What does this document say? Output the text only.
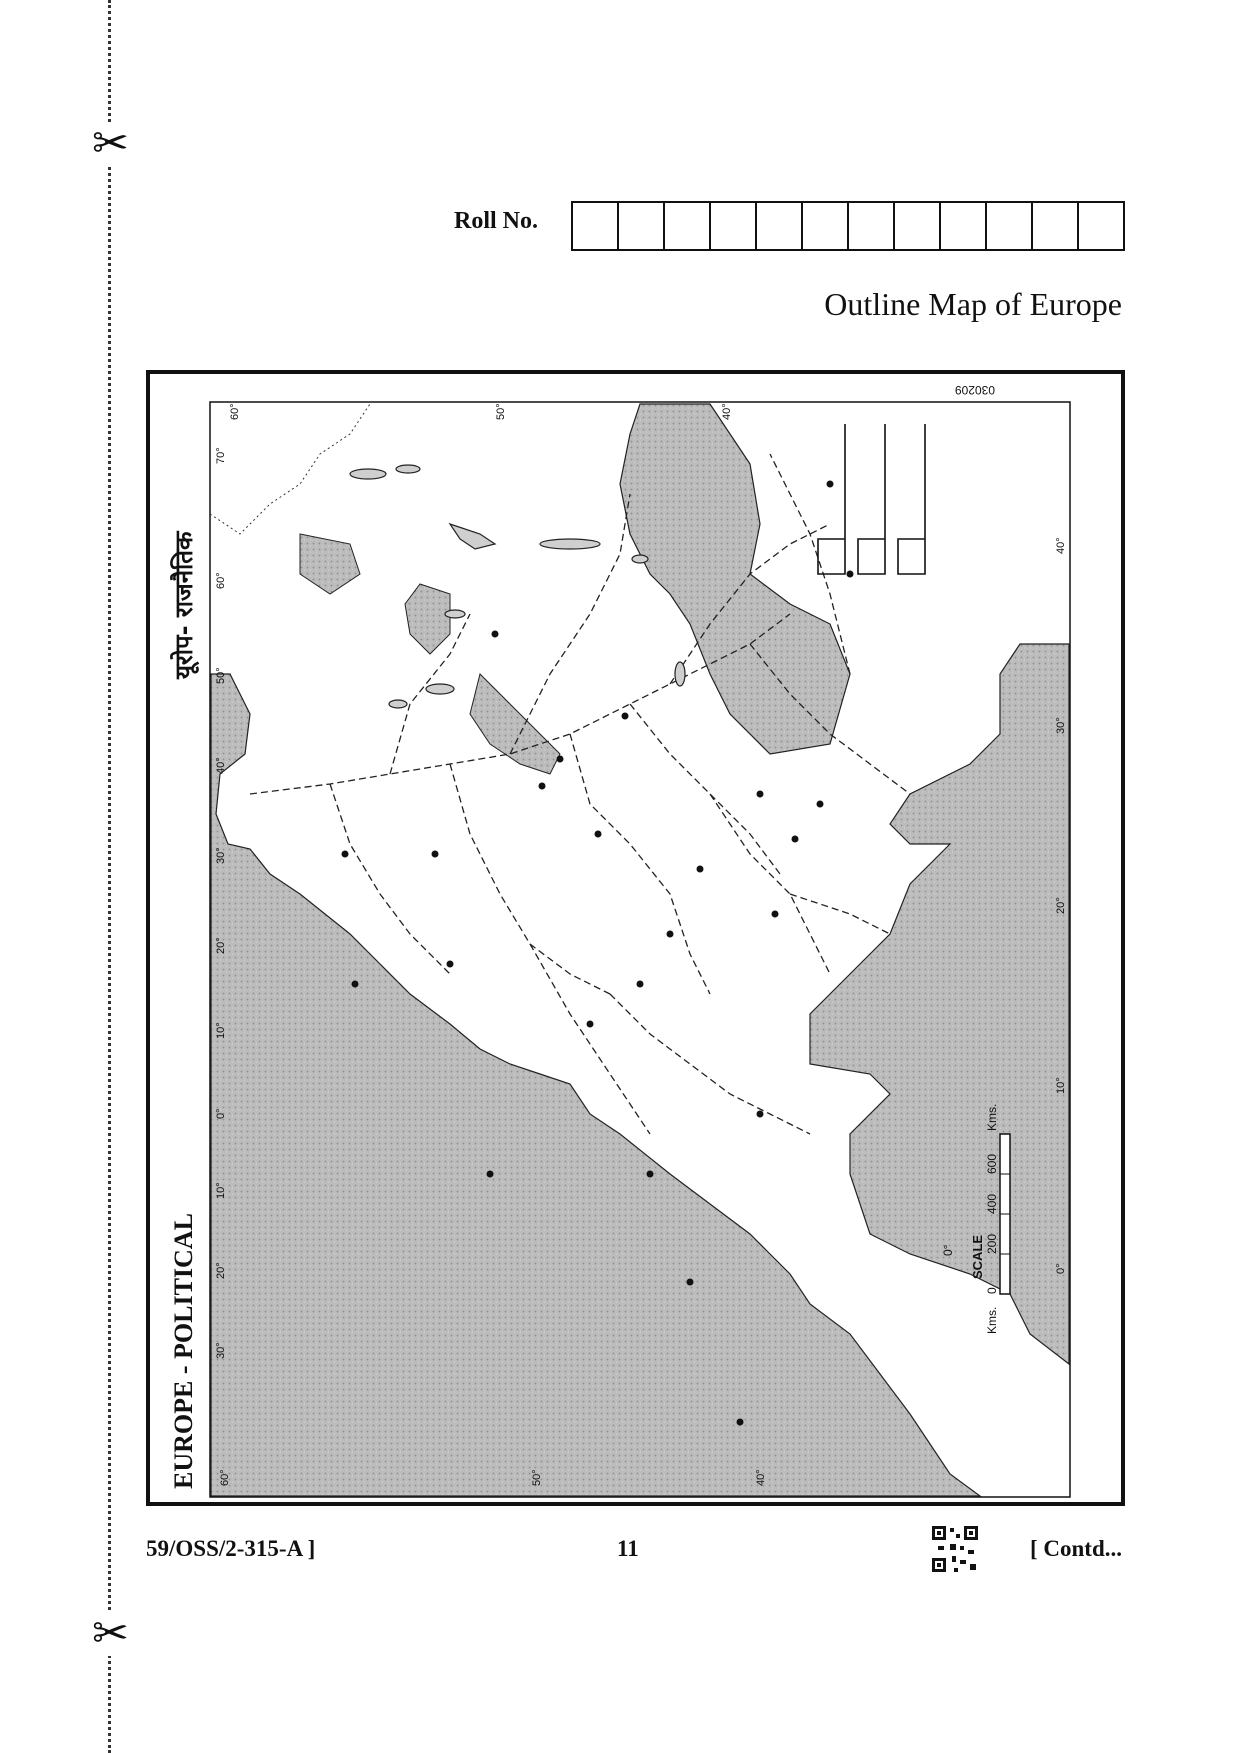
✂
✂
Roll No.
Outline Map of Europe
Kms.
600
400
200
0
Kms.
SCALE
0°
030209
60°	50°	40°
60°	50°	40°
40°
30°
20°
10°
0°
70°
60°
50°
40°
30°
20°
10°
0°
10°
20°
30°
EUROPE - POLITICAL
यूरोप- राजनैतिक
59/OSS/2-315-A ]	11	[ Contd...
